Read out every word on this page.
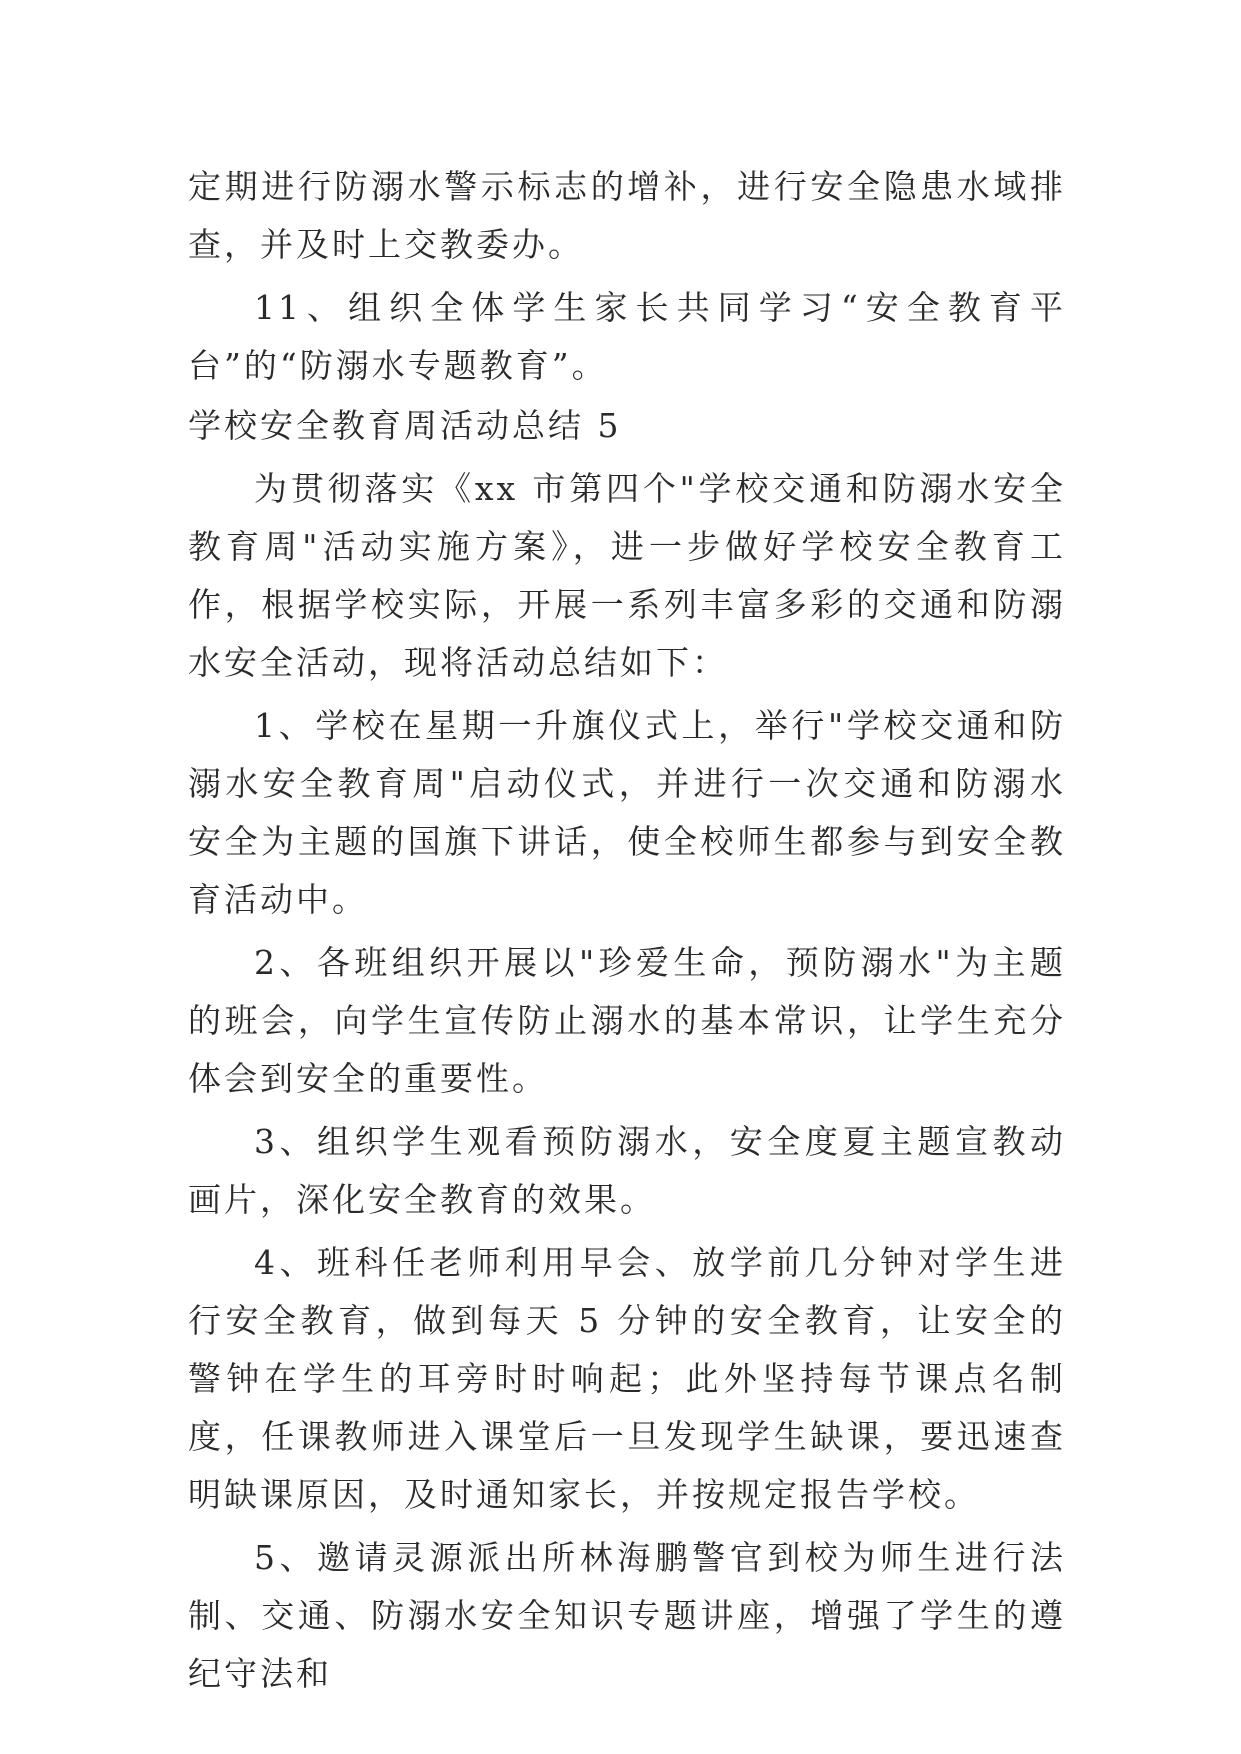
定期进行防溺水警示标志的增补，进行安全隐患水域排查，并及时上交教委办。

11、组织全体学生家长共同学习“安全教育平台”的“防溺水专题教育”。

学校安全教育周活动总结 5

为贯彻落实《xx 市第四个"学校交通和防溺水安全教育周"活动实施方案》，进一步做好学校安全教育工作，根据学校实际，开展一系列丰富多彩的交通和防溺水安全活动，现将活动总结如下：

1、学校在星期一升旗仪式上，举行"学校交通和防溺水安全教育周"启动仪式，并进行一次交通和防溺水安全为主题的国旗下讲话，使全校师生都参与到安全教育活动中。

2、各班组织开展以"珍爱生命，预防溺水"为主题的班会，向学生宣传防止溺水的基本常识，让学生充分体会到安全的重要性。

3、组织学生观看预防溺水，安全度夏主题宣教动画片，深化安全教育的效果。

4、班科任老师利用早会、放学前几分钟对学生进行安全教育，做到每天 5 分钟的安全教育，让安全的警钟在学生的耳旁时时响起；此外坚持每节课点名制度，任课教师进入课堂后一旦发现学生缺课，要迅速查明缺课原因，及时通知家长，并按规定报告学校。

5、邀请灵源派出所林海鹏警官到校为师生进行法制、交通、防溺水安全知识专题讲座，增强了学生的遵纪守法和
